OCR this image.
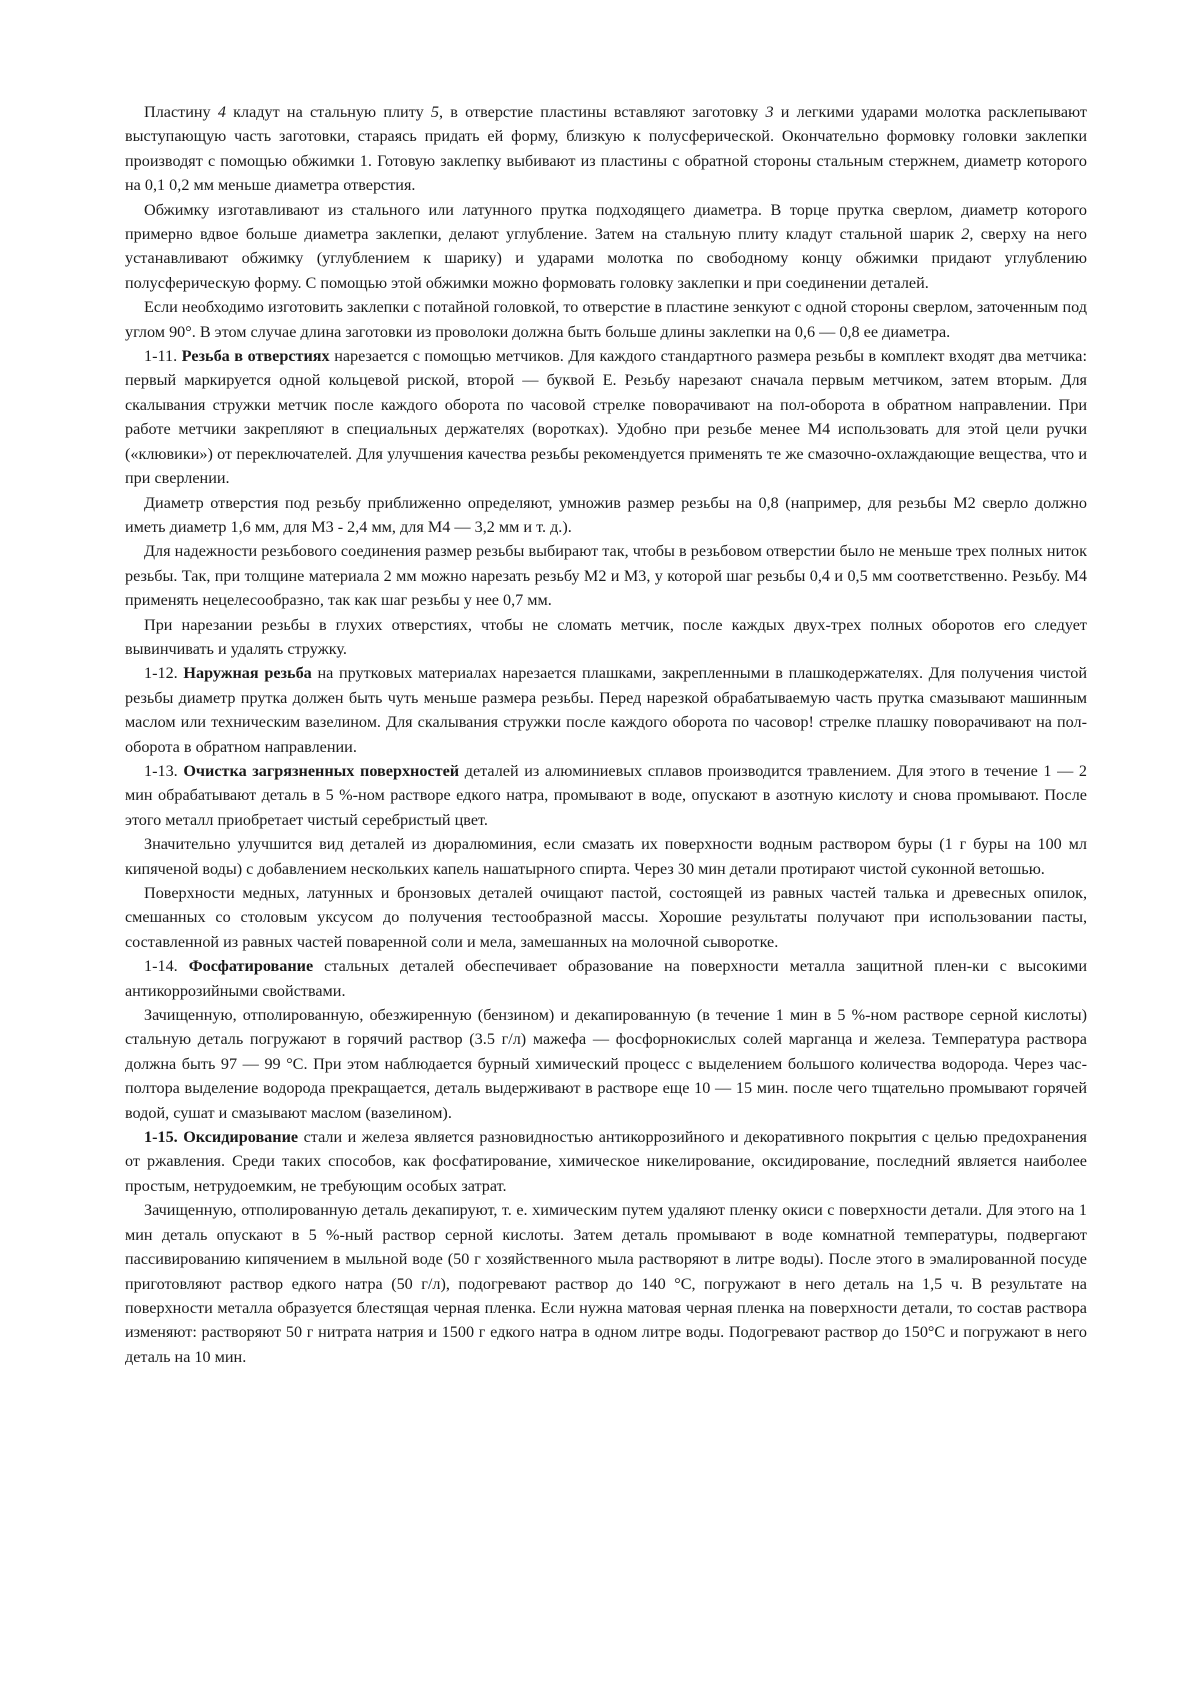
Пластину 4 кладут на стальную плиту 5, в отверстие пластины вставляют заготовку 3 и легкими ударами молотка расклепывают выступающую часть заготовки, стараясь придать ей форму, близкую к полусферической. Окончательно формовку головки заклепки производят с помощью обжимки 1. Готовую заклепку выбивают из пластины с обратной стороны стальным стержнем, диаметр которого на 0,1 0,2 мм меньше диаметра отверстия.

Обжимку изготавливают из стального или латунного прутка подходящего диаметра. В торце прутка сверлом, диаметр которого примерно вдвое больше диаметра заклепки, делают углубление. Затем на стальную плиту кладут стальной шарик 2, сверху на него устанавливают обжимку (углублением к шарику) и ударами молотка по свободному концу обжимки придают углублению полусферическую форму. С помощью этой обжимки можно формовать головку заклепки и при соединении деталей.

Если необходимо изготовить заклепки с потайной головкой, то отверстие в пластине зенкуют с одной стороны сверлом, заточенным под углом 90°. В этом случае длина заготовки из проволоки должна быть больше длины заклепки на 0,6 — 0,8 ее диаметра.

1-11. Резьба в отверстиях нарезается с помощью метчиков. Для каждого стандартного размера резьбы в комплект входят два метчика: первый маркируется одной кольцевой риской, второй — буквой Е. Резьбу нарезают сначала первым метчиком, затем вторым. Для скалывания стружки метчик после каждого оборота по часовой стрелке поворачивают на пол-оборота в обратном направлении. При работе метчики закрепляют в специальных держателях (воротках). Удобно при резьбе менее М4 использовать для этой цели ручки («клювики») от переключателей. Для улучшения качества резьбы рекомендуется применять те же смазочно-охлаждающие вещества, что и при сверлении.

Диаметр отверстия под резьбу приближенно определяют, умножив размер резьбы на 0,8 (например, для резьбы М2 сверло должно иметь диаметр 1,6 мм, для М3 - 2,4 мм, для М4 — 3,2 мм и т. д.).

Для надежности резьбового соединения размер резьбы выбирают так, чтобы в резьбовом отверстии было не меньше трех полных ниток резьбы. Так, при толщине материала 2 мм можно нарезать резьбу М2 и М3, у которой шаг резьбы 0,4 и 0,5 мм соответственно. Резьбу. М4 применять нецелесообразно, так как шаг резьбы у нее 0,7 мм.

При нарезании резьбы в глухих отверстиях, чтобы не сломать метчик, после каждых двух-трех полных оборотов его следует вывинчивать и удалять стружку.

1-12. Наружная резьба на прутковых материалах нарезается плашками, закрепленными в плашкодержателях. Для получения чистой резьбы диаметр прутка должен быть чуть меньше размера резьбы. Перед нарезкой обрабатываемую часть прутка смазывают машинным маслом или техническим вазелином. Для скалывания стружки после каждого оборота по часовор! стрелке плашку поворачивают на пол-оборота в обратном направлении.

1-13. Очистка загрязненных поверхностей деталей из алюминиевых сплавов производится травлением. Для этого в течение 1 — 2 мин обрабатывают деталь в 5 %-ном растворе едкого натра, промывают в воде, опускают в азотную кислоту и снова промывают. После этого металл приобретает чистый серебристый цвет.

Значительно улучшится вид деталей из дюралюминия, если смазать их поверхности водным раствором буры (1 г буры на 100 мл кипяченой воды) с добавлением нескольких капель нашатырного спирта. Через 30 мин детали протирают чистой суконной ветошью.

Поверхности медных, латунных и бронзовых деталей очищают пастой, состоящей из равных частей талька и древесных опилок, смешанных со столовым уксусом до получения тестообразной массы. Хорошие результаты получают при использовании пасты, составленной из равных частей поваренной соли и мела, замешанных на молочной сыворотке.

1-14. Фосфатирование стальных деталей обеспечивает образование на поверхности металла защитной плен-ки с высокими антикоррозийными свойствами.

Зачищенную, отполированную, обезжиренную (бензином) и декапированную (в течение 1 мин в 5 %-ном растворе серной кислоты) стальную деталь погружают в горячий раствор (3.5 г/л) мажефа — фосфорнокислых солей марганца и железа. Температура раствора должна быть 97 — 99 °С. При этом наблюдается бурный химический процесс с выделением большого количества водорода. Через час-полтора выделение водорода прекращается, деталь выдерживают в растворе еще 10 — 15 мин. после чего тщательно промывают горячей водой, сушат и смазывают маслом (вазелином).

1-15. Оксидирование стали и железа является разновидностью антикоррозийного и декоративного покрытия с целью предохранения от ржавления. Среди таких способов, как фосфатирование, химическое никелирование, оксидирование, последний является наиболее простым, нетрудоемким, не требующим особых затрат.

Зачищенную, отполированную деталь декапируют, т. е. химическим путем удаляют пленку окиси с поверхности детали. Для этого на 1 мин деталь опускают в 5 %-ный раствор серной кислоты. Затем деталь промывают в воде комнатной температуры, подвергают пассивированию кипячением в мыльной воде (50 г хозяйственного мыла растворяют в литре воды). После этого в эмалированной посуде приготовляют раствор едкого натра (50 г/л), подогревают раствор до 140 °С, погружают в него деталь на 1,5 ч. В результате на поверхности металла образуется блестящая черная пленка. Если нужна матовая черная пленка на поверхности детали, то состав раствора изменяют: растворяют 50 г нитрата натрия и 1500 г едкого натра в одном литре воды. Подогревают раствор до 150°С и погружают в него деталь на 10 мин.
